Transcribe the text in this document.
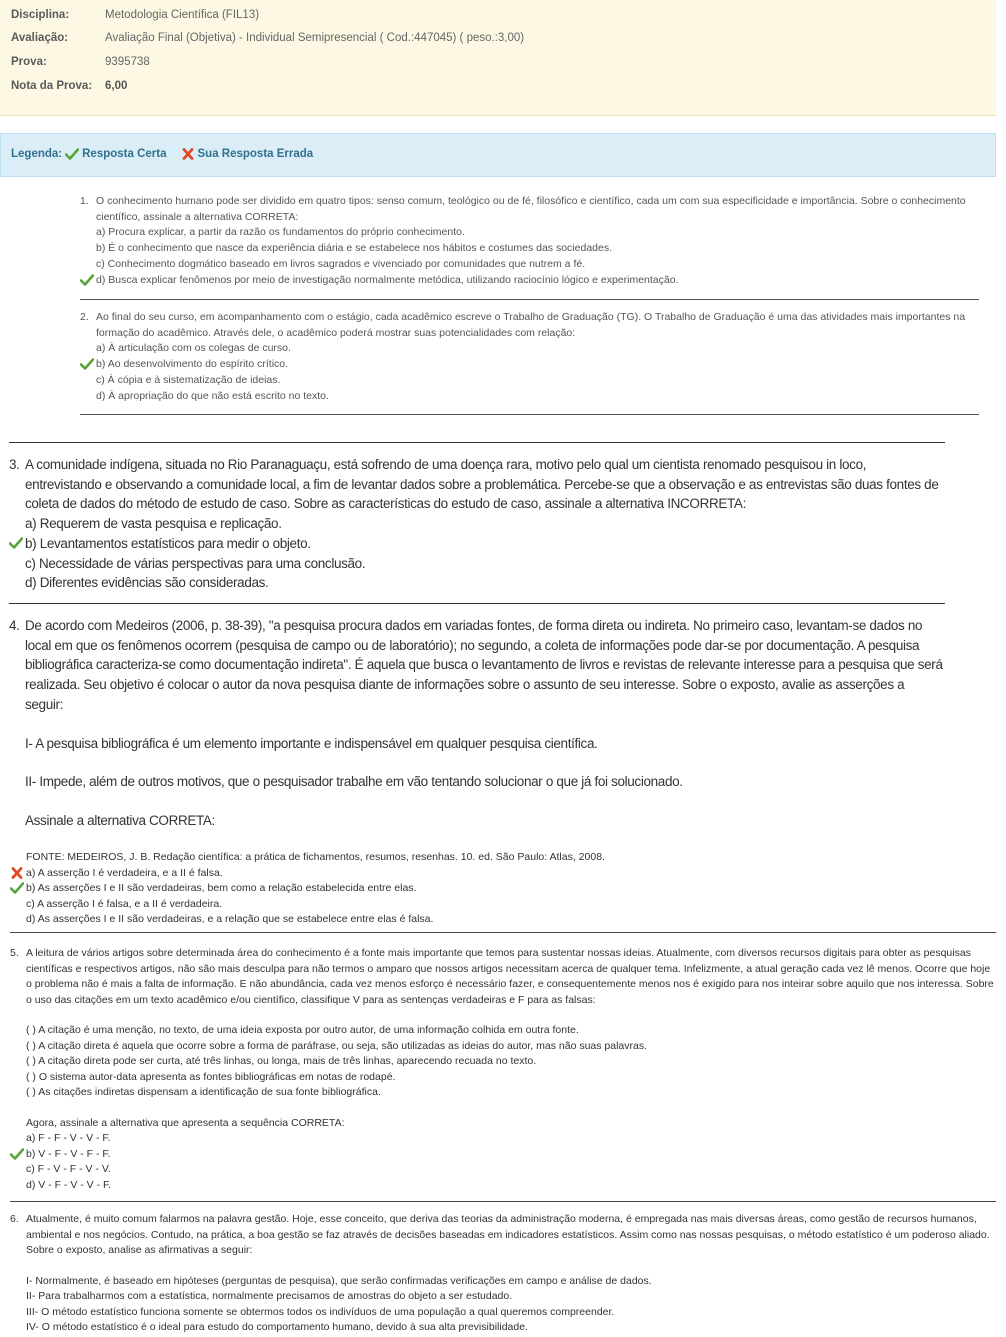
Disciplina:	Metodologia Científica (FIL13)
Avaliação:	Avaliação Final (Objetiva) - Individual Semipresencial ( Cod.:447045) ( peso.:3,00)
Prova:	9395738
Nota da Prova:	6,00
Legenda: Resposta Certa	Sua Resposta Errada
1. O conhecimento humano pode ser dividido em quatro tipos: senso comum, teológico ou de fé, filosófico e científico, cada um com sua especificidade e importância. Sobre o conhecimento científico, assinale a alternativa CORRETA:
a) Procura explicar, a partir da razão os fundamentos do próprio conhecimento.
b) É o conhecimento que nasce da experiência diária e se estabelece nos hábitos e costumes das sociedades.
c) Conhecimento dogmático baseado em livros sagrados e vivenciado por comunidades que nutrem a fé.
d) Busca explicar fenômenos por meio de investigação normalmente metódica, utilizando raciocínio lógico e experimentação.
2. Ao final do seu curso, em acompanhamento com o estágio, cada acadêmico escreve o Trabalho de Graduação (TG). O Trabalho de Graduação é uma das atividades mais importantes na formação do acadêmico. Através dele, o acadêmico poderá mostrar suas potencialidades com relação:
a) À articulação com os colegas de curso.
b) Ao desenvolvimento do espírito crítico.
c) À cópia e à sistematização de ideias.
d) À apropriação do que não está escrito no texto.
3. A comunidade indígena, situada no Rio Paranaguaçu, está sofrendo de uma doença rara, motivo pelo qual um cientista renomado pesquisou in loco, entrevistando e observando a comunidade local, a fim de levantar dados sobre a problemática. Percebe-se que a observação e as entrevistas são duas fontes de coleta de dados do método de estudo de caso. Sobre as características do estudo de caso, assinale a alternativa INCORRETA:
a) Requerem de vasta pesquisa e replicação.
b) Levantamentos estatísticos para medir o objeto.
c) Necessidade de várias perspectivas para uma conclusão.
d) Diferentes evidências são consideradas.
4. De acordo com Medeiros (2006, p. 38-39), "a pesquisa procura dados em variadas fontes, de forma direta ou indireta. No primeiro caso, levantam-se dados no local em que os fenômenos ocorrem (pesquisa de campo ou de laboratório); no segundo, a coleta de informações pode dar-se por documentação. A pesquisa bibliográfica caracteriza-se como documentação indireta". É aquela que busca o levantamento de livros e revistas de relevante interesse para a pesquisa que será realizada. Seu objetivo é colocar o autor da nova pesquisa diante de informações sobre o assunto de seu interesse. Sobre o exposto, avalie as asserções a seguir:

I- A pesquisa bibliográfica é um elemento importante e indispensável em qualquer pesquisa científica.

II- Impede, além de outros motivos, que o pesquisador trabalhe em vão tentando solucionar o que já foi solucionado.

Assinale a alternativa CORRETA:

FONTE: MEDEIROS, J. B. Redação científica: a prática de fichamentos, resumos, resenhas. 10. ed. São Paulo: Atlas, 2008.

a) A asserção I é verdadeira, e a II é falsa.
b) As asserções I e II são verdadeiras, bem como a relação estabelecida entre elas.
c) A asserção I é falsa, e a II é verdadeira.
d) As asserções I e II são verdadeiras, e a relação que se estabelece entre elas é falsa.
5. A leitura de vários artigos sobre determinada área do conhecimento é a fonte mais importante que temos para sustentar nossas ideias. Atualmente, com diversos recursos digitais para obter as pesquisas científicas e respectivos artigos, não são mais desculpa para não termos o amparo que nossos artigos necessitam acerca de qualquer tema. Infelizmente, a atual geração cada vez lê menos. Ocorre que hoje o problema não é mais a falta de informação. E não abundância, cada vez menos esforço é necessário fazer, e consequentemente menos nos é exigido para nos inteirar sobre aquilo que nos interessa. Sobre o uso das citações em um texto acadêmico e/ou científico, classifique V para as sentenças verdadeiras e F para as falsas:
( ) A citação é uma menção, no texto, de uma ideia exposta por outro autor, de uma informação colhida em outra fonte.
( ) A citação direta é aquela que ocorre sobre a forma de paráfrase, ou seja, são utilizadas as ideias do autor, mas não suas palavras.
( ) A citação direta pode ser curta, até três linhas, ou longa, mais de três linhas, aparecendo recuada no texto.
( ) O sistema autor-data apresenta as fontes bibliográficas em notas de rodapé.
( ) As citações indiretas dispensam a identificação de sua fonte bibliográfica.

Agora, assinale a alternativa que apresenta a sequência CORRETA:

a) F - F - V - V - F.
b) V - F - V - F - F.
c) F - V - F - V - V.
d) V - F - V - V - F.
6. Atualmente, é muito comum falarmos na palavra gestão. Hoje, esse conceito, que deriva das teorias da administração moderna, é empregada nas mais diversas áreas, como gestão de recursos humanos, ambiental e nos negócios. Contudo, na prática, a boa gestão se faz através de decisões baseadas em indicadores estatísticos. Assim como nas nossas pesquisas, o método estatístico é um poderoso aliado. Sobre o exposto, analise as afirmativas a seguir:
I- Normalmente, é baseado em hipóteses (perguntas de pesquisa), que serão confirmadas verificações em campo e análise de dados.
II- Para trabalharmos com a estatística, normalmente precisamos de amostras do objeto a ser estudado.
III- O método estatístico funciona somente se obtermos todos os indivíduos de uma população a qual queremos compreender.
IV- O método estatístico é o ideal para estudo do comportamento humano, devido à sua alta previsibilidade.
